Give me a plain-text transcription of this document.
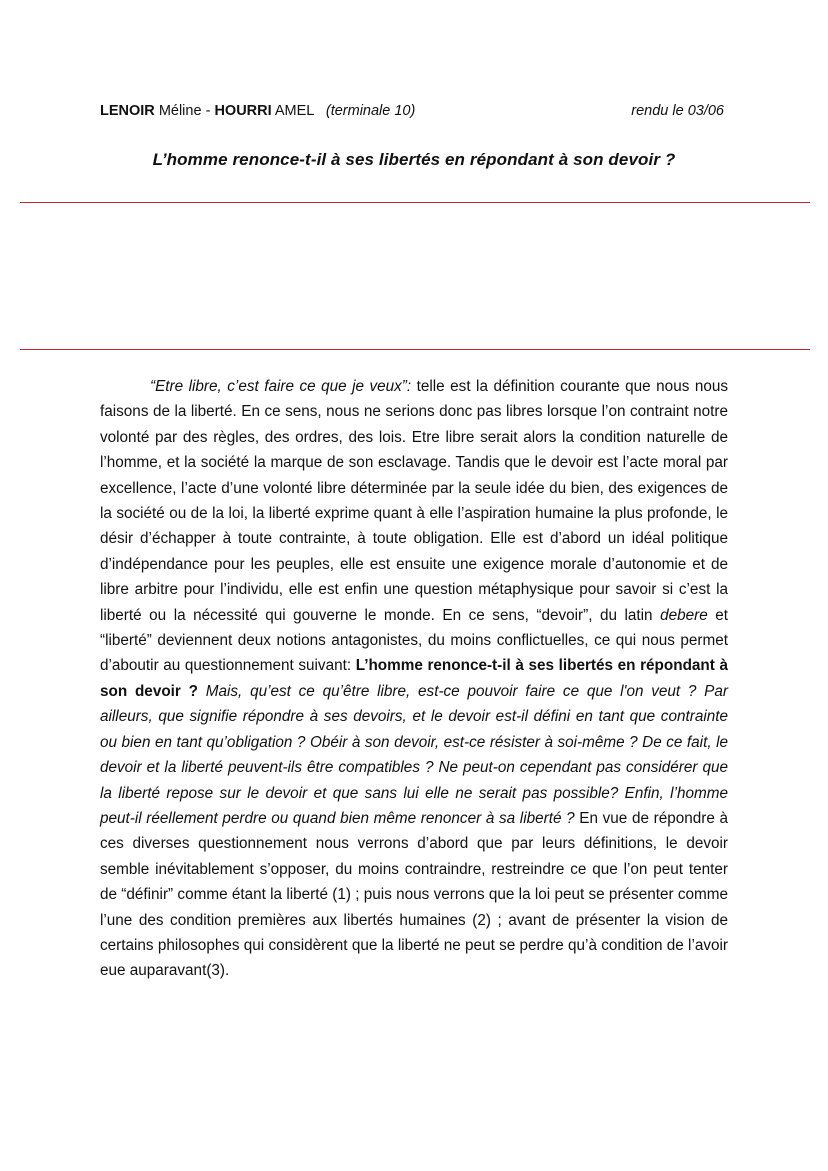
LENOIR Méline - HOURRI AMEL (terminale 10)	rendu le 03/06
L’homme renonce-t-il à ses libertés en répondant à son devoir ?

“Etre libre, c’est faire ce que je veux”: telle est la définition courante que nous nous faisons de la liberté. En ce sens, nous ne serions donc pas libres lorsque l’on contraint notre volonté par des règles, des ordres, des lois. Etre libre serait alors la condition naturelle de l’homme, et la société la marque de son esclavage. Tandis que le devoir est l’acte moral par excellence, l’acte d’une volonté libre déterminée par la seule idée du bien, des exigences de la société ou de la loi, la liberté exprime quant à elle l’aspiration humaine la plus profonde, le désir d’échapper à toute contrainte, à toute obligation. Elle est d’abord un idéal politique d’indépendance pour les peuples, elle est ensuite une exigence morale d’autonomie et de libre arbitre pour l’individu, elle est enfin une question métaphysique pour savoir si c’est la liberté ou la nécessité qui gouverne le monde. En ce sens, “devoir”, du latin debere et “liberté” deviennent deux notions antagonistes, du moins conflictuelles, ce qui nous permet d’aboutir au questionnement suivant: L’homme renonce-t-il à ses libertés en répondant à son devoir ? Mais, qu’est ce qu’être libre, est-ce pouvoir faire ce que l'on veut ? Par ailleurs, que signifie répondre à ses devoirs, et le devoir est-il défini en tant que contrainte ou bien en tant qu’obligation ? Obéir à son devoir, est-ce résister à soi-même ? De ce fait, le devoir et la liberté peuvent-ils être compatibles ? Ne peut-on cependant pas considérer que la liberté repose sur le devoir et que sans lui elle ne serait pas possible? Enfin, l’homme peut-il réellement perdre ou quand bien même renoncer à sa liberté ? En vue de répondre à ces diverses questionnement nous verrons d’abord que par leurs définitions, le devoir semble inévitablement s’opposer, du moins contraindre, restreindre ce que l’on peut tenter de “définir” comme étant la liberté (1) ; puis nous verrons que la loi peut se présenter comme l’une des condition premières aux libertés humaines (2) ; avant de présenter la vision de certains philosophes qui considèrent que la liberté ne peut se perdre qu’à condition de l’avoir eue auparavant(3).
